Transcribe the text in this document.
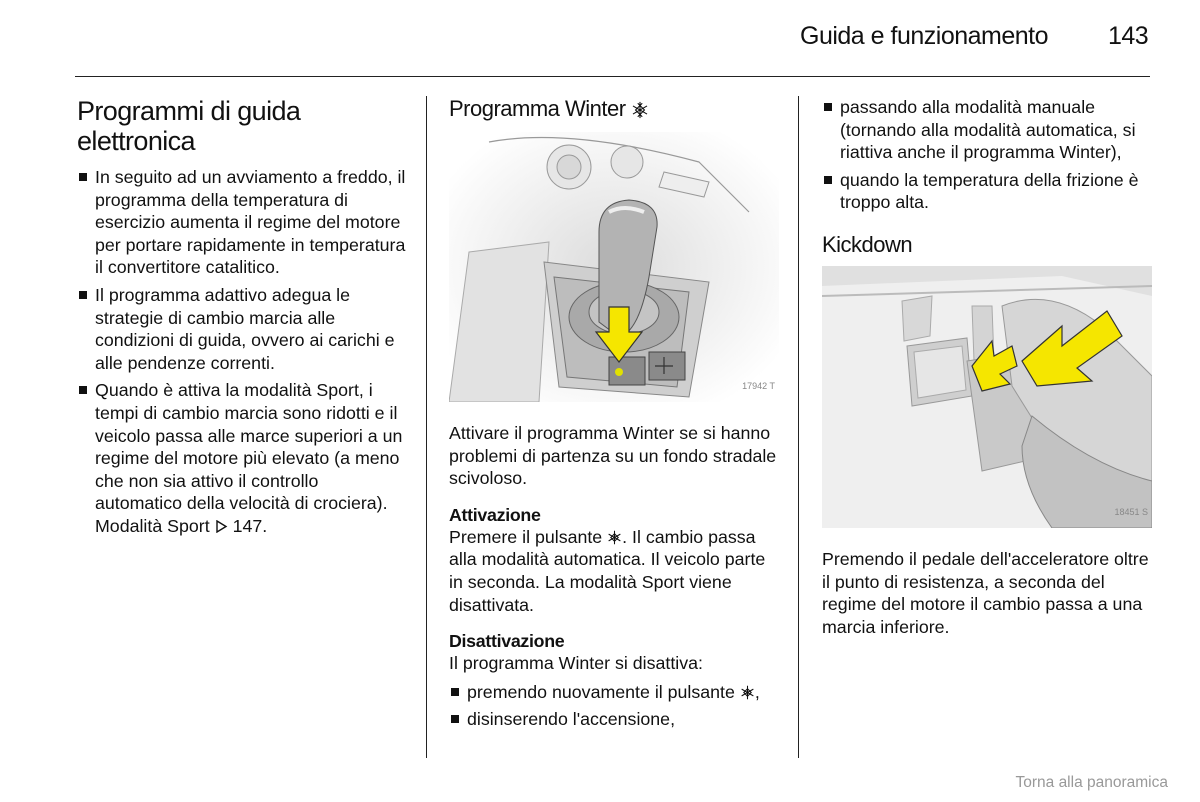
Guida e funzionamento 143
Programmi di guida elettronica
In seguito ad un avviamento a freddo, il programma della temperatura di esercizio aumenta il regime del motore per portare rapidamente in temperatura il convertitore catalitico.
Il programma adattivo adegua le strategie di cambio marcia alle condizioni di guida, ovvero ai carichi e alle pendenze correnti.
Quando è attiva la modalità Sport, i tempi di cambio marcia sono ridotti e il veicolo passa alle marce superiori a un regime del motore più elevato (a meno che non sia attivo il controllo automatico della velocità di crociera). Modalità Sport 147.
Programma Winter
17942 T

Attivare il programma Winter se si hanno problemi di partenza su un fondo stradale scivoloso.

Attivazione

Premere il pulsante . Il cambio passa alla modalità automatica. Il veicolo parte in seconda. La modalità Sport viene disattivata.

Disattivazione

Il programma Winter si disattiva:

premendo nuovamente il pulsante ,
disinserendo l'accensione,
passando alla modalità manuale (tornando alla modalità automatica, si riattiva anche il programma Winter),
quando la temperatura della frizione è troppo alta.
Kickdown
18451 S

Premendo il pedale dell'acceleratore oltre il punto di resistenza, a seconda del regime del motore il cambio passa a una marcia inferiore.

Torna alla panoramica
